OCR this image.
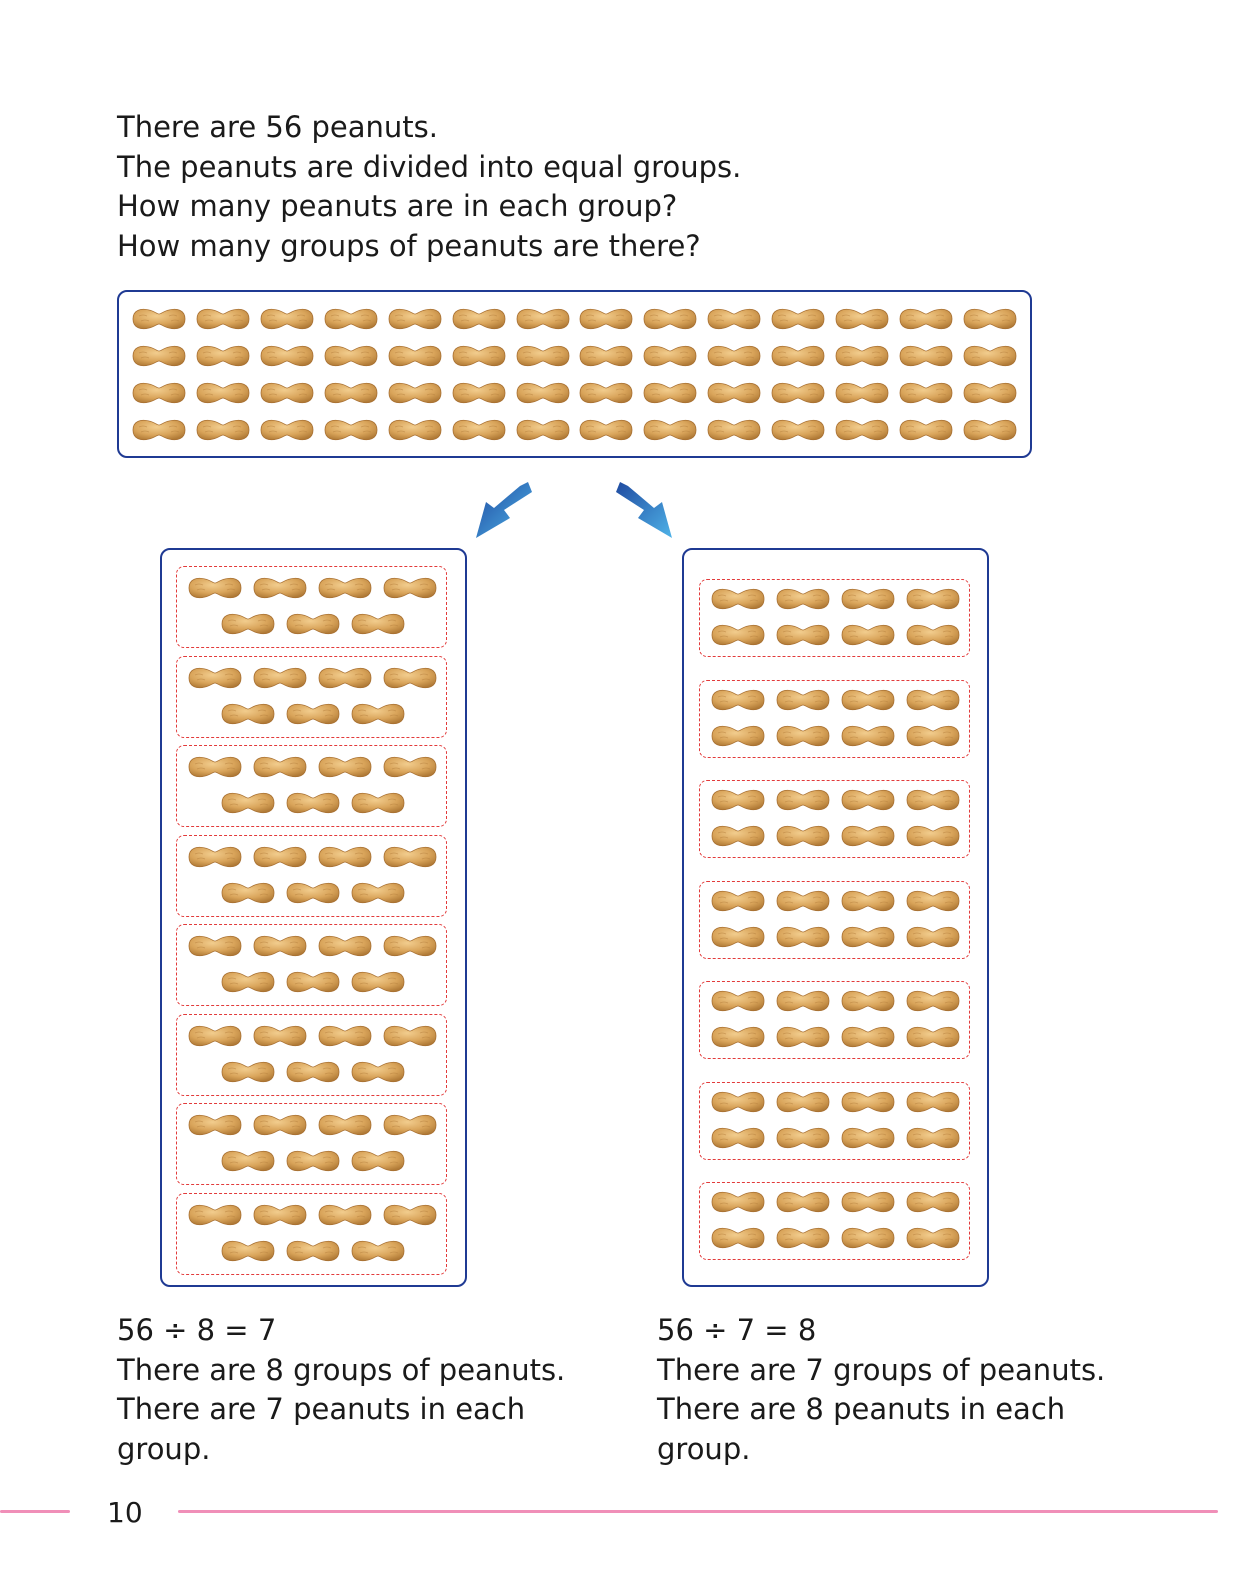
There are 56 peanuts.
The peanuts are divided into equal groups.
How many peanuts are in each group?
How many groups of peanuts are there?
56 ÷ 8 = 7
There are 8 groups of peanuts.
There are 7 peanuts in each
group.
56 ÷ 7 = 8
There are 7 groups of peanuts.
There are 8 peanuts in each
group.
10
